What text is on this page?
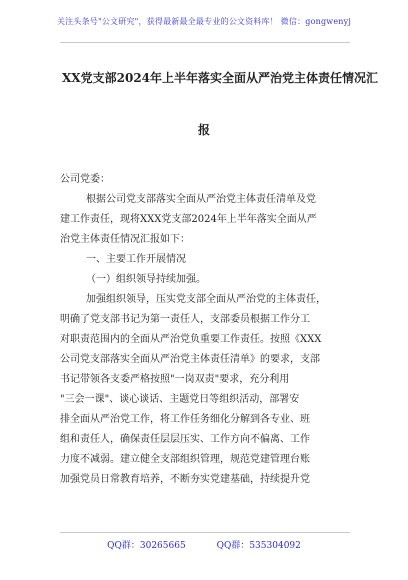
关注头条号"公文研究"，获得最新最全最专业的公文资料库！ 微信：gongwenyj
XX党支部2024年上半年落实全面从严治党主体责任情况汇
报
公司党委：
根据公司党支部落实全面从严治党主体责任清单及党
建工作责任，现将XXX党支部2024年上半年落实全面从严
治党主体责任情况汇报如下：
一、主要工作开展情况
（一）组织领导持续加强。
加强组织领导，压实党支部全面从严治党的主体责任，
明确了党支部书记为第一责任人，支部委员根据工作分工
对职责范围内的全面从严治党负重要工作责任。按照《XXX
公司党支部落实全面从严治党主体责任清单》的要求，支部
书记带领各支委严格按照"一岗双责"要求，充分利用
"三会一课"、谈心谈话、主题党日等组织活动，部署安
排全面从严治党工作，将工作任务细化分解到各专业、班
组和责任人，确保责任层层压实、工作方向不偏离、工作
力度不减弱。建立健全支部组织管理，规范党建管理台账
加强党员日常教育培养，不断夯实党建基础，持续提升党
QQ群：30265665	QQ群：535304092
